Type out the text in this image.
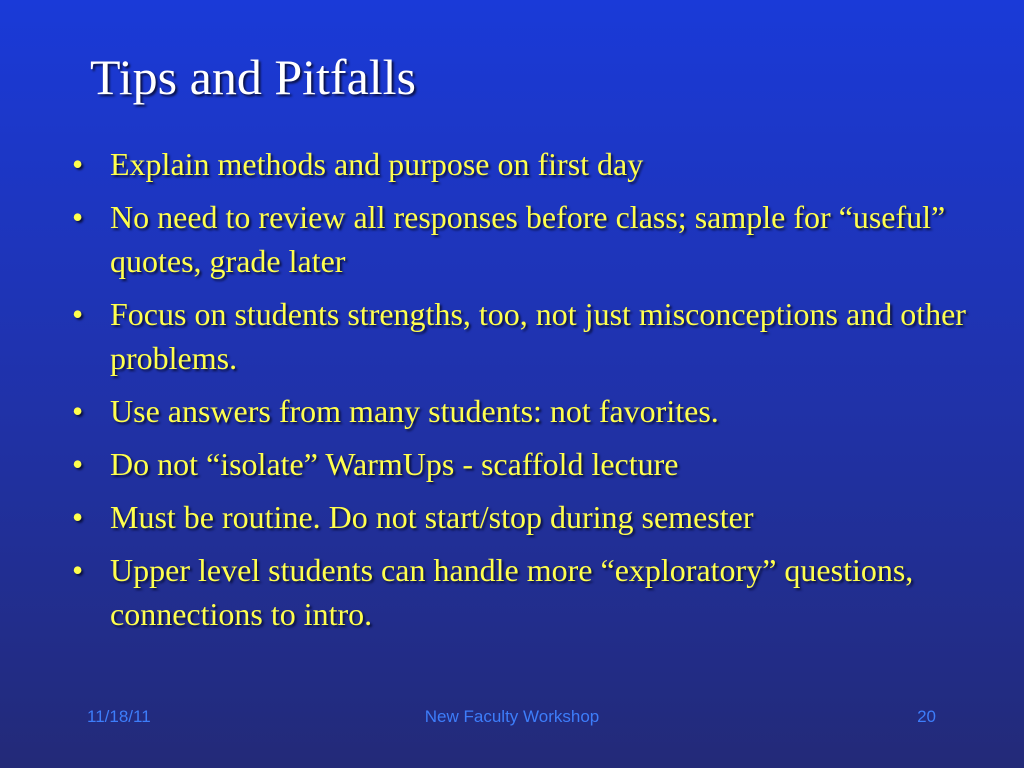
Tips and Pitfalls
• Explain methods and purpose on first day
• No need to review all responses before class; sample for “useful” quotes, grade later
• Focus on students strengths, too, not just misconceptions and other problems.
• Use answers from many students: not favorites.
• Do not “isolate” WarmUps - scaffold lecture
• Must be routine. Do not start/stop during semester
• Upper level students can handle more “exploratory” questions, connections to intro.
11/18/11	New Faculty Workshop	20
